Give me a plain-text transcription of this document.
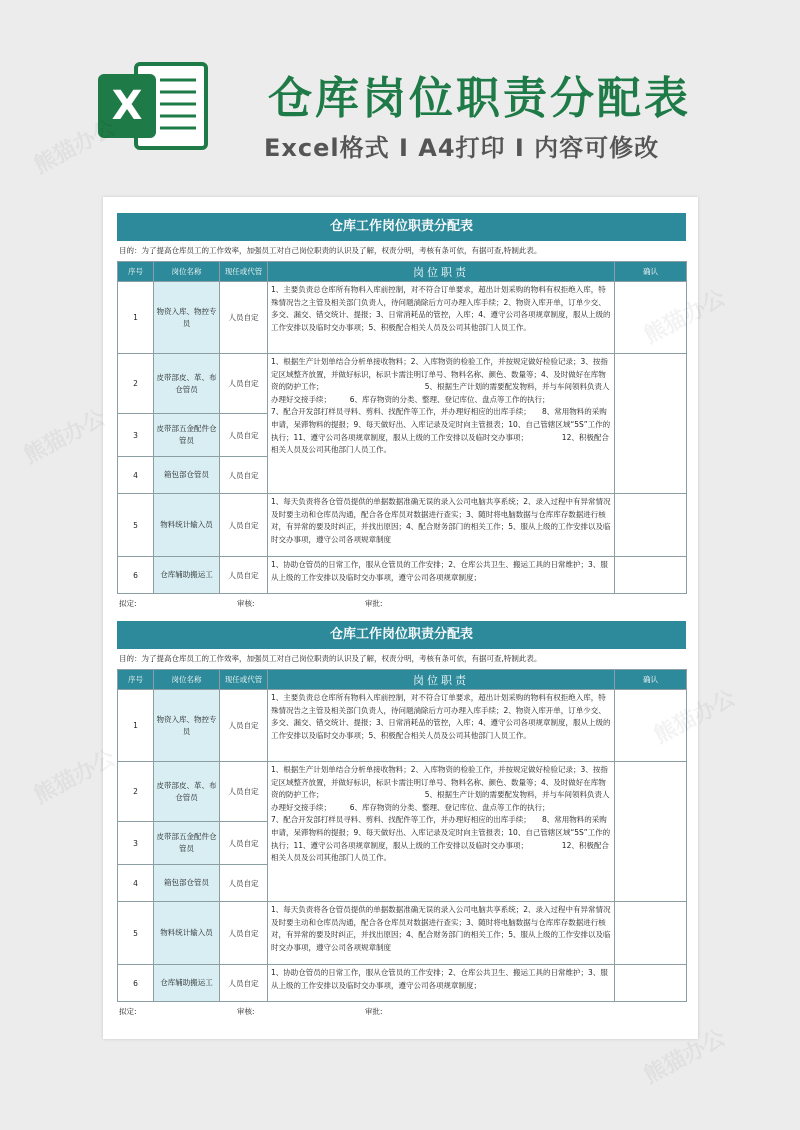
X	仓库岗位职责分配表
Excel格式 I A4打印 I 内容可修改
仓库工作岗位职责分配表
目的：为了提高仓库员工的工作效率，加强员工对自己岗位职责的认识及了解，权责分明，考核有条可依，有据可查,特制此表。
序号	岗位名称	现任或代管	岗位职责	确认
1	物资入库、物控专员	人员自定	1、主要负责总仓库所有物料入库前控制，对不符合订单要求，超出计划采购的物料有权拒绝入库，特殊情况告之主管及相关部门负责人，待问题淌除后方可办理入库手续；2、物资入库开单，订单少交、多交、漏交、错交统计、提报；3、日常消耗品的管控，入库；4、遵守公司各项规章制度，服从上级的工作安排以及临时交办事项；5、积极配合相关人员及公司其他部门人员工作。	
2	皮带部皮、革、布仓管员	人员自定	1、根据生产计划单结合分析单接收物料；2、入库物资的检验工作，并按规定做好检验记录；3、按指定区域整齐放置，并做好标识，标识卡需注明订单号、物料名称、颜色、数量等；4、及时做好在库物资的防护工作；　　　　　　　　　　　　　　5、根据生产计划的需要配发物料，并与车间领料负责人办理好交接手续；　　　6、库存物资的分类、整理、登记库位、盘点等工作的执行；　　　　　　　　　　　7、配合开发部打样员寻料、剪料、找配件等工作，并办理好相应的出库手续；　　8、常用物料的采购申请，呆滞物料的提报；9、每天做好出、入库记录及定时向主管报表；10、自己管辖区域“5S”工作的执行；11、遵守公司各项规章制度，服从上级的工作安排以及临时交办事项；　　　　　12、积极配合相关人员及公司其他部门人员工作。	
3	皮带部五金配件仓管员	人员自定		
4	箱包部仓管员	人员自定		
5	物料统计输入员	人员自定	1、每天负责将各仓管员提供的单据数据准确无误的录入公司电脑共享系统；2、录入过程中有异常情况及时要主动和仓库员沟通，配合各仓库员对数据进行查实；3、随时将电脑数据与仓库库存数据进行核对，有异常的要及时纠正，并找出原因；4、配合财务部门的相关工作；5、服从上级的工作安排以及临时交办事项，遵守公司各项规章制度	
6	仓库辅助搬运工	人员自定	1、协助仓管员的日常工作，服从仓管员的工作安排；2、仓库公共卫生、搬运工具的日常维护；3、服从上级的工作安排以及临时交办事项，遵守公司各项规章制度；	
拟定:	审核:	审批:
仓库工作岗位职责分配表
目的：为了提高仓库员工的工作效率，加强员工对自己岗位职责的认识及了解，权责分明，考核有条可依，有据可查,特制此表。
序号	岗位名称	现任或代管	岗位职责	确认
1	物资入库、物控专员	人员自定	1、主要负责总仓库所有物料入库前控制，对不符合订单要求，超出计划采购的物料有权拒绝入库，特殊情况告之主管及相关部门负责人，待问题淌除后方可办理入库手续；2、物资入库开单，订单少交、多交、漏交、错交统计、提报；3、日常消耗品的管控，入库；4、遵守公司各项规章制度，服从上级的工作安排以及临时交办事项；5、积极配合相关人员及公司其他部门人员工作。	
2	皮带部皮、革、布仓管员	人员自定	1、根据生产计划单结合分析单接收物料；2、入库物资的检验工作，并按规定做好检验记录；3、按指定区域整齐放置，并做好标识，标识卡需注明订单号、物料名称、颜色、数量等；4、及时做好在库物资的防护工作；　　　　　　　　　　　　　　5、根据生产计划的需要配发物料，并与车间领料负责人办理好交接手续；　　　6、库存物资的分类、整理、登记库位、盘点等工作的执行；　　　　　　　　　　　7、配合开发部打样员寻料、剪料、找配件等工作，并办理好相应的出库手续；　　8、常用物料的采购申请，呆滞物料的提报；9、每天做好出、入库记录及定时向主管报表；10、自己管辖区域“5S”工作的执行；11、遵守公司各项规章制度，服从上级的工作安排以及临时交办事项；　　　　　12、积极配合相关人员及公司其他部门人员工作。	
3	皮带部五金配件仓管员	人员自定		
4	箱包部仓管员	人员自定		
5	物料统计输入员	人员自定	1、每天负责将各仓管员提供的单据数据准确无误的录入公司电脑共享系统；2、录入过程中有异常情况及时要主动和仓库员沟通，配合各仓库员对数据进行查实；3、随时将电脑数据与仓库库存数据进行核对，有异常的要及时纠正，并找出原因；4、配合财务部门的相关工作；5、服从上级的工作安排以及临时交办事项，遵守公司各项规章制度	
6	仓库辅助搬运工	人员自定	1、协助仓管员的日常工作，服从仓管员的工作安排；2、仓库公共卫生、搬运工具的日常维护；3、服从上级的工作安排以及临时交办事项，遵守公司各项规章制度；	
拟定:	审核:	审批:
熊猫办公
熊猫办公
熊猫办公
熊猫办公
